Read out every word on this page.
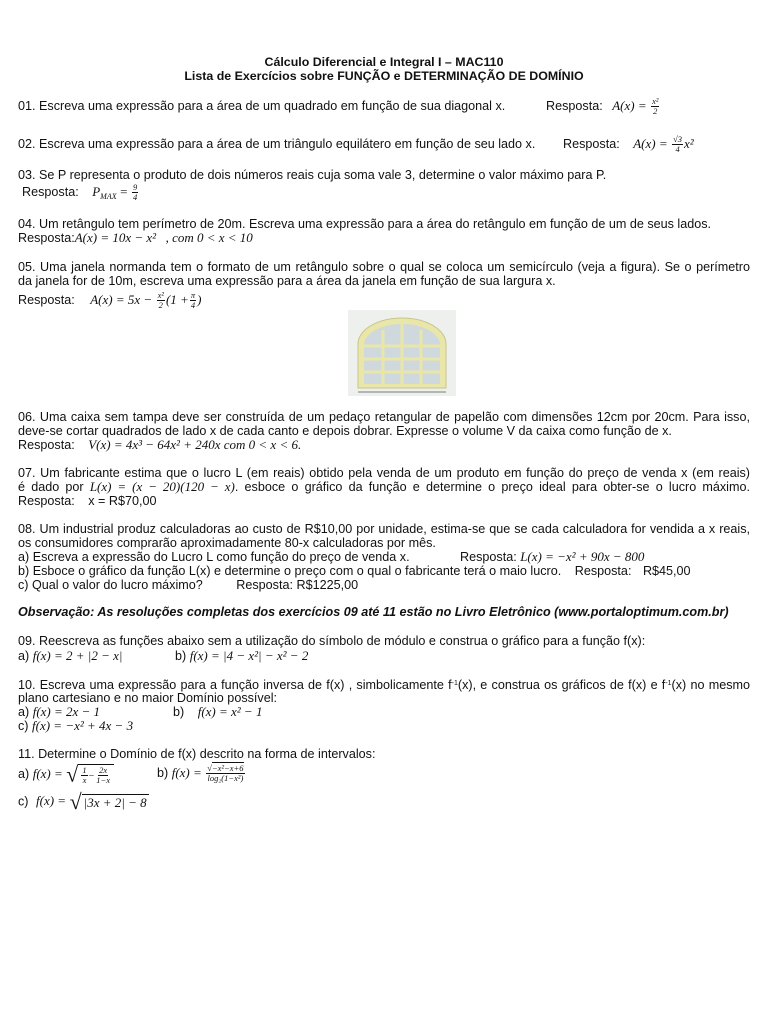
Cálculo Diferencial e Integral I – MAC110
Lista de Exercícios sobre FUNÇÃO e DETERMINAÇÃO DE DOMÍNIO
01. Escreva uma expressão para a área de um quadrado em função de sua diagonal x.	Resposta: $A(x) = \frac{\text{x²}}{2}$
02. Escreva uma expressão para a área de um triângulo equilátero em função de seu lado x. Resposta: $A(x) = \frac{√3}{4} x^2$
03. Se P representa o produto de dois números reais cuja soma vale 3, determine o valor máximo para P.
Resposta: $P_{MAX} = \frac{9}{4}$
04. Um retângulo tem perímetro de 20m. Escreva uma expressão para a área do retângulo em função de um de seus lados.
Resposta:A(x) = 10x − x² , com 0 < x < 10
05. Uma janela normanda tem o formato de um retângulo sobre o qual se coloca um semicírculo (veja a figura). Se o perímetro
da janela for de 10m, escreva uma expressão para a área da janela em função de sua largura x.
Resposta: $A(x) = 5x - \frac{\text{x²}}{2} (1 + \frac{\pi}{4}$ )
06. Uma caixa sem tampa deve ser construída de um pedaço retangular de papelão com dimensões 12cm por 20cm. Para isso,
deve-se cortar quadrados de lado x de cada canto e depois dobrar. Expresse o volume V da caixa como função de x.
Resposta: V(x) = 4x³ − 64x² + 240x com 0 < x < 6.
07. Um fabricante estima que o lucro L (em reais) obtido pela venda de um produto em função do preço de venda x (em reais)
é dado por L(x) = (x − 20)(120 − x). esboce o gráfico da função e determine o preço ideal para obter-se o lucro máximo.
Resposta: x = R$70,00
08. Um industrial produz calculadoras ao custo de R$10,00 por unidade, estima-se que se cada calculadora for vendida a x reais,
os consumidores comprarão aproximadamente 80-x calculadoras por mês.
a) Escreva a expressão do Lucro L como função do preço de venda x.	Resposta: L(x) = −x² + 90x − 800
b) Esboce o gráfico da função L(x) e determine o preço com o qual o fabricante terá o maio lucro. Resposta: R$45,00
c) Qual o valor do lucro máximo?	Resposta: R$1225,00
Observação: As resoluções completas dos exercícios 09 até 11 estão no Livro Eletrônico (www.portaloptimum.com.br)
09. Reescreva as funções abaixo sem a utilização do símbolo de módulo e construa o gráfico para a função f(x):
a) f(x) = 2 + |2 − x|	b) f(x) = |4 − x²| − x² − 2
10. Escreva uma expressão para a função inversa de f(x) , simbolicamente $f^{-1}(x)$, e construa os gráficos de f(x) e $f^{-1}(x)$ no mesmo
plano cartesiano e no maior Domínio possível:
a) f(x) = 2x − 1	b) f(x) = x² − 1
c) f(x) = −x² + 4x − 3
11. Determine o Domínio de f(x) descrito na forma de intervalos:
a) f(x) = √ $\frac{1}{x} - \frac{2x}{1-x}$	b) $f(x) = \frac{\text{√−x²−x+6}}{\text{log₂(1−x²)}}$
c) f(x) = √ |3x + 2| − 8
